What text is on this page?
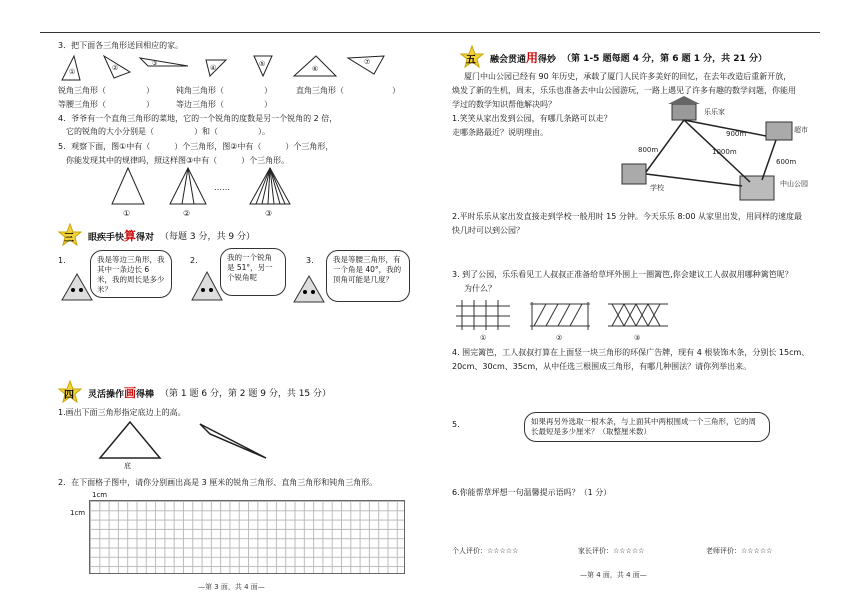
3．把下面各三角形送回相应的家。
①	②
③
④	⑤
⑥
⑦
锐角三角形（　　　　　）	钝角三角形（　　　　　）	直角三角形（　　　　　　）
等腰三角形（　　　　　）	等边三角形（　　　　　）
4．爷爷有一个直角三角形的菜地，它的一个锐角的度数是另一个锐角的 2 倍，
它的锐角的大小分别是（　　　　　）和（　　　　　）。
5．观察下面，图①中有（　　　）个三角形，图②中有（　　　）个三角形，
你能发现其中的规律吗，照这样图③中有（　　　）个三角形。
……
①	②	③
三 眼疾手快算得对 （每题 3 分，共 9 分）
1.	我是等边三角形，我其中一条边长 6 米，我的周长是多少米？
2.	我的一个锐角是 51°，另一个锐角呢
3.	我是等腰三角形，有一个角是 40°，我的顶角可能是几度？
四 灵活操作画得棒 （第 1 题 6 分，第 2 题 9 分，共 15 分）
1.画出下面三角形指定底边上的高。
底
2．在下面格子图中，请你分别画出高是 3 厘米的锐角三角形、直角三角形和钝角三角形。
1cm
1cm
—第 3 面，共 4 面—
五 融会贯通用得妙 （第 1-5 题每题 4 分，第 6 题 1 分，共 21 分）
厦门中山公园已经有 90 年历史，承载了厦门人民许多美好的回忆，在去年改造后重新开放，
焕发了新的生机，周末，乐乐也准备去中山公园游玩，一路上遇见了许多有趣的数学问题，你能用
学过的数学知识帮他解决吗？
1.笑笑从家出发到公园，有哪几条路可以走？
走哪条路最近？说明理由。
乐乐家
超市
学校	中山公园
900m
800m	1000m
600m
2.平时乐乐从家出发直接走到学校一般用时 15 分钟。今天乐乐 8:00 从家里出发，用同样的速度最
快几时可以到公园？
3. 到了公园，乐乐看见工人叔叔正准备给草坪外围上一圈篱笆,你会建议工人叔叔用哪种篱笆呢？
为什么？
①	②	③
4. 围完篱笆，工人叔叔打算在上面竖一块三角形的环保广告牌，现有 4 根装饰木条，分别长 15cm、
20cm、30cm、35cm，从中任选三根围成三角形，有哪几种围法？请你列举出来。
5.	如果再另外选取一根木条，与上面其中两根围成一个三角形，它的周长最短是多少厘米？（取整厘米数）
6.你能帮草坪想一句温馨提示语吗？（1 分）
个人评价：☆☆☆☆☆	家长评价：☆☆☆☆☆	老师评价：☆☆☆☆☆
—第 4 面，共 4 面—
